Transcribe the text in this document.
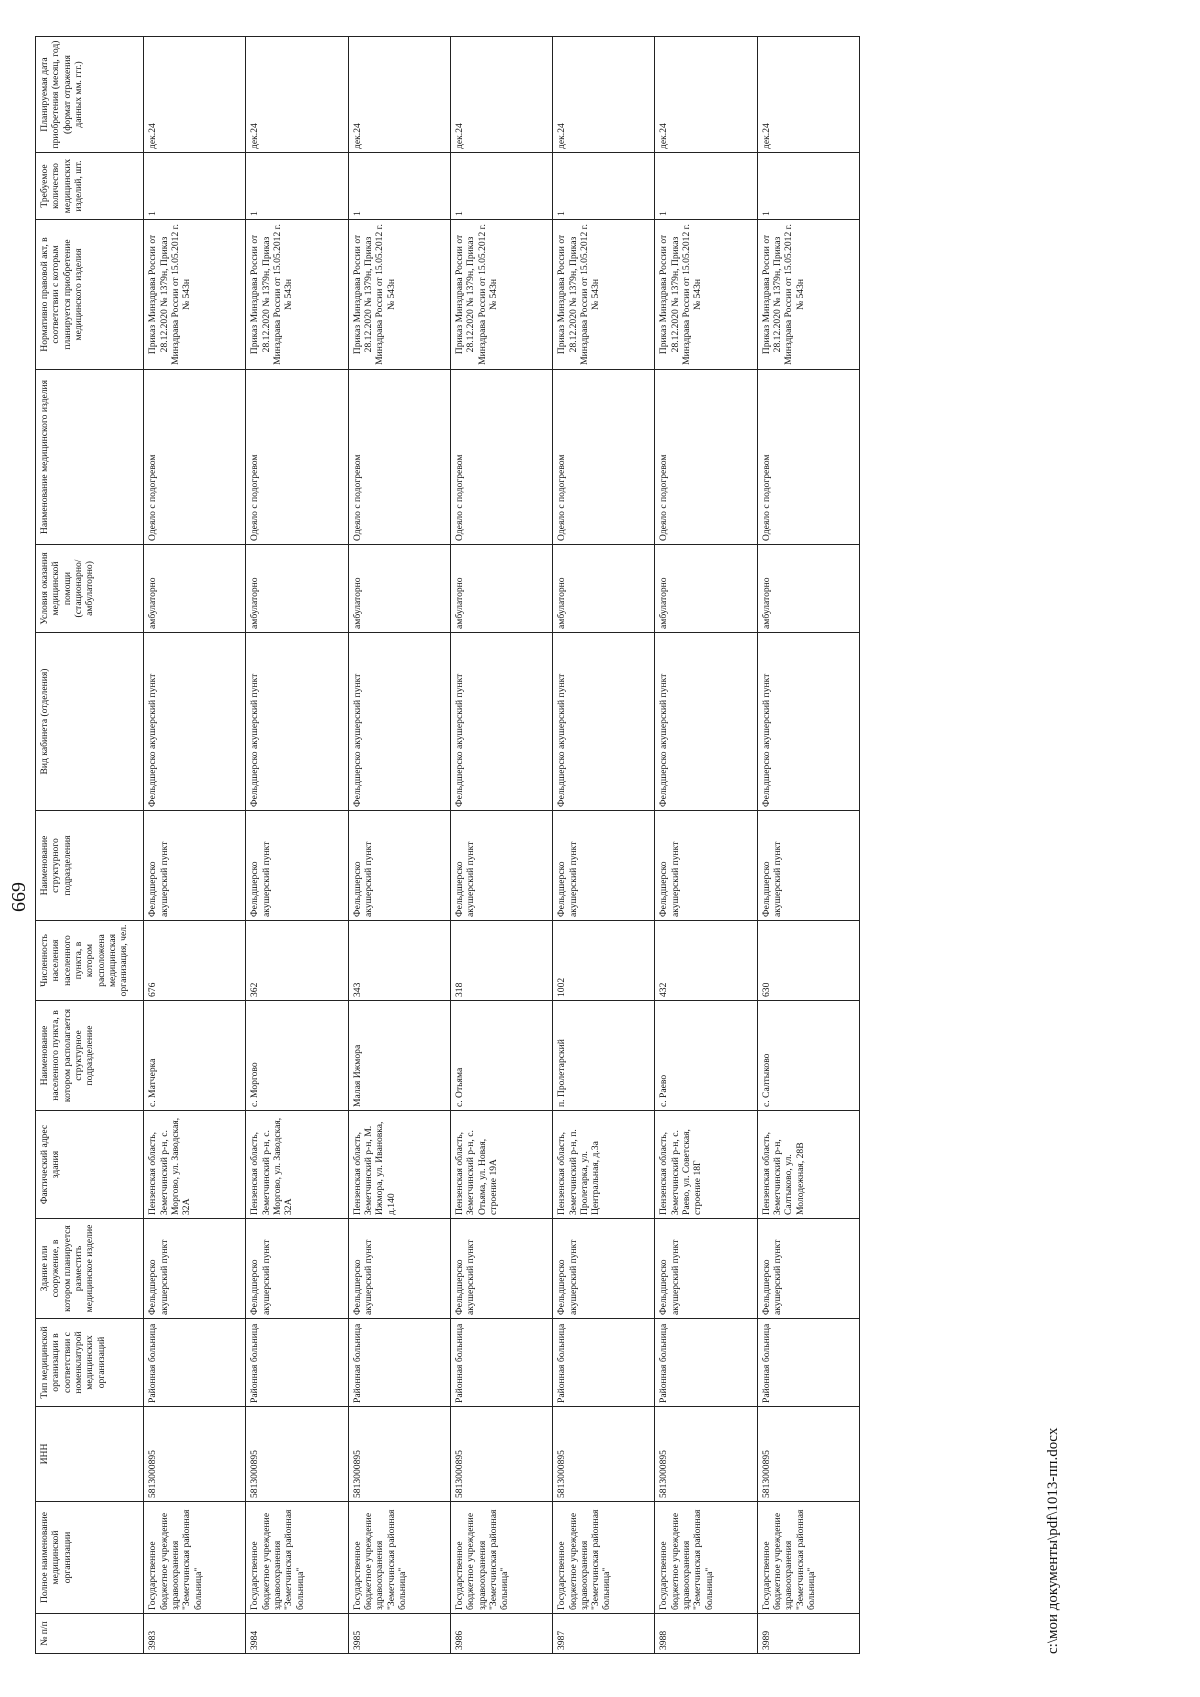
669
№ п/п	Полное наименование медицинской организации	ИНН	Тип медицинской организации в соответствии с номенклатурой медицинских организаций	Здание или сооружение, в котором планируется разместить медицинское изделие	Фактический адрес здания	Наименование населенного пункта, в котором располагается структурное подразделение	Численность населения населенного пункта, в котором расположена медицинская организация, чел.	Наименование структурного подразделения	Вид кабинета (отделения)	Условия оказания медицинской помощи (стационарно/амбулаторно)	Наименование медицинского изделия	Нормативно правовой акт, в соответствии с которым планируется приобретение медицинского изделия	Требуемое количество медицинских изделий, шт.	Планируемая дата приобретения (месяц, год) (формат отражения данных мм. ггг.)
3983	Государственное бюджетное учреждение здравоохранения "Земетчинская районная больница"	5813000895	Районная больница	Фельдшерско акушерский пункт	Пензенская область, Земетчинский р-н, с. Моргово, ул. Заводская, 32А	с. Матчерка	676	Фельдшерско акушерский пункт	Фельдшерско акушерский пункт	амбулаторно	Одеяло с подогревом	Приказ Минздрава России от 28.12.2020 № 1379н, Приказ Минздрава России от 15.05.2012 г. № 543н	1	дек.24
3984	Государственное бюджетное учреждение здравоохранения "Земетчинская районная больница"	5813000895	Районная больница	Фельдшерско акушерский пункт	Пензенская область, Земетчинский р-н, с. Моргово, ул. Заводская, 32А	с. Моргово	362	Фельдшерско акушерский пункт	Фельдшерско акушерский пункт	амбулаторно	Одеяло с подогревом	Приказ Минздрава России от 28.12.2020 № 1379н, Приказ Минздрава России от 15.05.2012 г. № 543н	1	дек.24
3985	Государственное бюджетное учреждение здравоохранения "Земетчинская районная больница"	5813000895	Районная больница	Фельдшерско акушерский пункт	Пензенская область, Земетчинский р-н, М. Ижмора, ул. Ивановка, д.140	Малая Ижмора	343	Фельдшерско акушерский пункт	Фельдшерско акушерский пункт	амбулаторно	Одеяло с подогревом	Приказ Минздрава России от 28.12.2020 № 1379н, Приказ Минздрава России от 15.05.2012 г. № 543н	1	дек.24
3986	Государственное бюджетное учреждение здравоохранения "Земетчинская районная больница"	5813000895	Районная больница	Фельдшерско акушерский пункт	Пензенская область, Земетчинский р-н, с. Отьяма, ул. Новая, строение 19А	с. Отьяма	318	Фельдшерско акушерский пункт	Фельдшерско акушерский пункт	амбулаторно	Одеяло с подогревом	Приказ Минздрава России от 28.12.2020 № 1379н, Приказ Минздрава России от 15.05.2012 г. № 543н	1	дек.24
3987	Государственное бюджетное учреждение здравоохранения "Земетчинская районная больница"	5813000895	Районная больница	Фельдшерско акушерский пункт	Пензенская область, Земетчинский р-н, п. Пролетарка, ул. Центральная, д.3а	п. Пролетарский	1002	Фельдшерско акушерский пункт	Фельдшерско акушерский пункт	амбулаторно	Одеяло с подогревом	Приказ Минздрава России от 28.12.2020 № 1379н, Приказ Минздрава России от 15.05.2012 г. № 543н	1	дек.24
3988	Государственное бюджетное учреждение здравоохранения "Земетчинская районная больница"	5813000895	Районная больница	Фельдшерско акушерский пункт	Пензенская область, Земетчинский р-н, с. Раево, ул. Советская, строение 18Г	с. Раево	432	Фельдшерско акушерский пункт	Фельдшерско акушерский пункт	амбулаторно	Одеяло с подогревом	Приказ Минздрава России от 28.12.2020 № 1379н, Приказ Минздрава России от 15.05.2012 г. № 543н	1	дек.24
3989	Государственное бюджетное учреждение здравоохранения "Земетчинская районная больница"	5813000895	Районная больница	Фельдшерско акушерский пункт	Пензенская область, Земетчинский р-н, Салтыково, ул. Молодежная, 28В	с. Салтыково	630	Фельдшерско акушерский пункт	Фельдшерско акушерский пункт	амбулаторно	Одеяло с подогревом	Приказ Минздрава России от 28.12.2020 № 1379н, Приказ Минздрава России от 15.05.2012 г. № 543н	1	дек.24
c:\мои документы\pdf\1013-пп.docx
